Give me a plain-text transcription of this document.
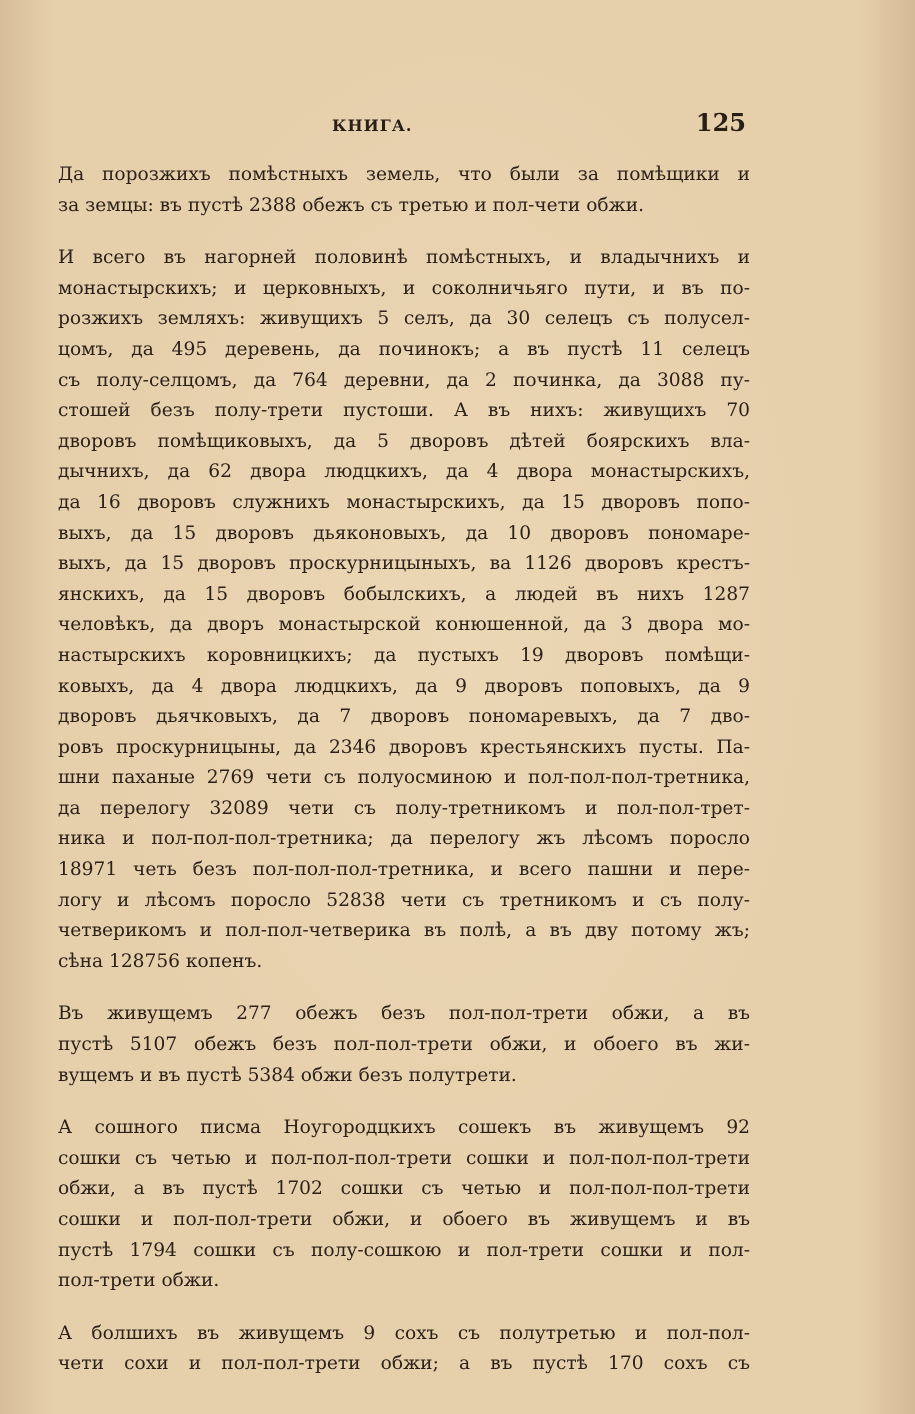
КНИГА.	125
Да порозжихъ помѣстныхъ земель, что были за помѣщики и
за земцы: въ пустѣ 2388 обежъ съ третью и пол-чети обжи.
И всего въ нагорней половинѣ помѣстныхъ, и владычнихъ и
монастырскихъ; и церковныхъ, и соколничьяго пути, и въ по-
розжихъ земляхъ: живущихъ 5 селъ, да 30 селецъ съ полусел-
цомъ, да 495 деревень, да починокъ; а въ пустѣ 11 селецъ
съ полу-селцомъ, да 764 деревни, да 2 починка, да 3088 пу-
стошей безъ полу-трети пустоши. А въ нихъ: живущихъ 70
дворовъ помѣщиковыхъ, да 5 дворовъ дѣтей боярскихъ вла-
дычнихъ, да 62 двора людцкихъ, да 4 двора монастырскихъ,
да 16 дворовъ служнихъ монастырскихъ, да 15 дворовъ попо-
выхъ, да 15 дворовъ дьяконовыхъ, да 10 дворовъ пономаре-
выхъ, да 15 дворовъ проскурницыныхъ, ва 1126 дворовъ крестъ-
янскихъ, да 15 дворовъ бобылскихъ, а людей въ нихъ 1287
человѣкъ, да дворъ монастырской конюшенной, да 3 двора мо-
настырскихъ коровницкихъ; да пустыхъ 19 дворовъ помѣщи-
ковыхъ, да 4 двора людцкихъ, да 9 дворовъ поповыхъ, да 9
дворовъ дьячковыхъ, да 7 дворовъ пономаревыхъ, да 7 дво-
ровъ проскурницыны, да 2346 дворовъ крестьянскихъ пусты. Па-
шни паханые 2769 чети съ полуосминою и пол-пол-пол-третника,
да перелогу 32089 чети съ полу-третникомъ и пол-пол-трет-
ника и пол-пол-пол-третника; да перелогу жъ лѣсомъ поросло
18971 четь безъ пол-пол-пол-третника, и всего пашни и пере-
логу и лѣсомъ поросло 52838 чети съ третникомъ и съ полу-
четверикомъ и пол-пол-четверика въ полѣ, а въ дву потому жъ;
сѣна 128756 копенъ.
Въ живущемъ 277 обежъ безъ пол-пол-трети обжи, а въ
пустѣ 5107 обежъ безъ пол-пол-трети обжи, и обоего въ жи-
вущемъ и въ пустѣ 5384 обжи безъ полутрети.
А сошного писма Ноугородцкихъ сошекъ въ живущемъ 92
сошки съ четью и пол-пол-пол-трети сошки и пол-пол-пол-трети
обжи, а въ пустѣ 1702 сошки съ четью и пол-пол-пол-трети
сошки и пол-пол-трети обжи, и обоего въ живущемъ и въ
пустѣ 1794 сошки съ полу-сошкою и пол-трети сошки и пол-
пол-трети обжи.
А болшихъ въ живущемъ 9 сохъ съ полутретью и пол-пол-
чети сохи и пол-пол-трети обжи; а въ пустѣ 170 сохъ съ
